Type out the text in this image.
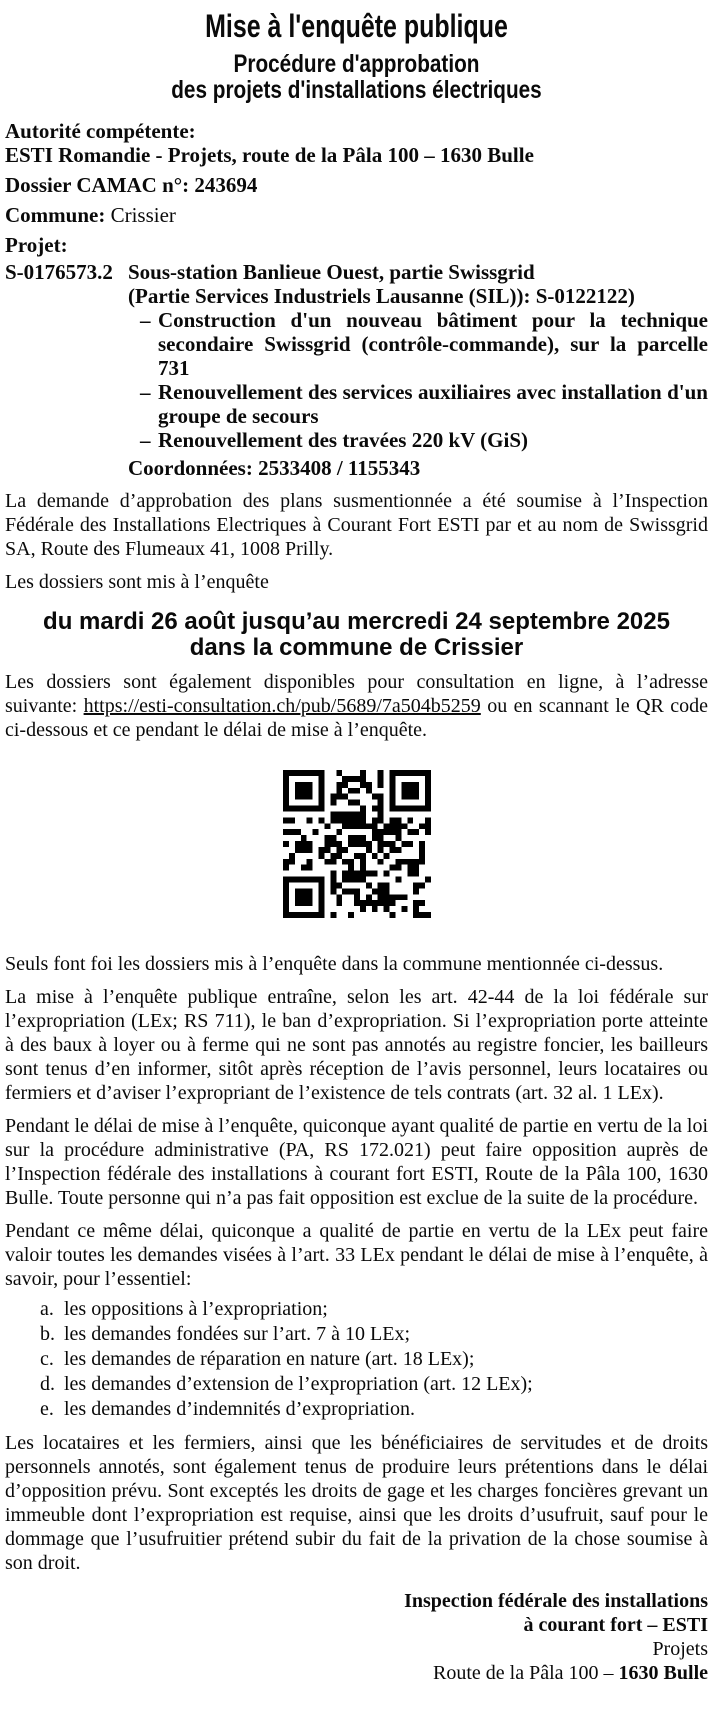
Mise à l'enquête publique
Procédure d'approbation
des projets d'installations électriques
Autorité compétente:
ESTI Romandie - Projets, route de la Pâla 100 – 1630 Bulle
Dossier CAMAC n°: 243694
Commune: Crissier
Projet:
S-0176573.2 Sous-station Banlieue Ouest, partie Swissgrid
(Partie Services Industriels Lausanne (SIL)): S-0122122)
– Construction d'un nouveau bâtiment pour la technique secondaire Swissgrid (contrôle-commande), sur la parcelle 731
– Renouvellement des services auxiliaires avec installation d'un groupe de secours
– Renouvellement des travées 220 kV (GiS)
Coordonnées: 2533408 / 1155343
La demande d’approbation des plans susmentionnée a été soumise à l’Inspection Fédérale des Installations Electriques à Courant Fort ESTI par et au nom de Swissgrid SA, Route des Flumeaux 41, 1008 Prilly.
Les dossiers sont mis à l’enquête
du mardi 26 août jusqu’au mercredi 24 septembre 2025
dans la commune de Crissier
Les dossiers sont également disponibles pour consultation en ligne, à l’adresse suivante: https://esti-consultation.ch/pub/5689/7a504b5259 ou en scannant le QR code ci-dessous et ce pendant le délai de mise à l’enquête.
Seuls font foi les dossiers mis à l’enquête dans la commune mentionnée ci-dessus.
La mise à l’enquête publique entraîne, selon les art. 42-44 de la loi fédérale sur l’expropriation (LEx; RS 711), le ban d’expropriation. Si l’expropriation porte atteinte à des baux à loyer ou à ferme qui ne sont pas annotés au registre foncier, les bailleurs sont tenus d’en informer, sitôt après réception de l’avis personnel, leurs locataires ou fermiers et d’aviser l’expropriant de l’existence de tels contrats (art. 32 al. 1 LEx).
Pendant le délai de mise à l’enquête, quiconque ayant qualité de partie en vertu de la loi sur la procédure administrative (PA, RS 172.021) peut faire opposition auprès de l’Inspection fédérale des installations à courant fort ESTI, Route de la Pâla 100, 1630 Bulle. Toute personne qui n’a pas fait opposition est exclue de la suite de la procédure.
Pendant ce même délai, quiconque a qualité de partie en vertu de la LEx peut faire valoir toutes les demandes visées à l’art. 33 LEx pendant le délai de mise à l’enquête, à savoir, pour l’essentiel:
a. les oppositions à l’expropriation;
b. les demandes fondées sur l’art. 7 à 10 LEx;
c. les demandes de réparation en nature (art. 18 LEx);
d. les demandes d’extension de l’expropriation (art. 12 LEx);
e. les demandes d’indemnités d’expropriation.
Les locataires et les fermiers, ainsi que les bénéficiaires de servitudes et de droits personnels annotés, sont également tenus de produire leurs prétentions dans le délai d’opposition prévu. Sont exceptés les droits de gage et les charges foncières grevant un immeuble dont l’expropriation est requise, ainsi que les droits d’usufruit, sauf pour le dommage que l’usufruitier prétend subir du fait de la privation de la chose soumise à son droit.
Inspection fédérale des installations
à courant fort – ESTI
Projets
Route de la Pâla 100 – 1630 Bulle
